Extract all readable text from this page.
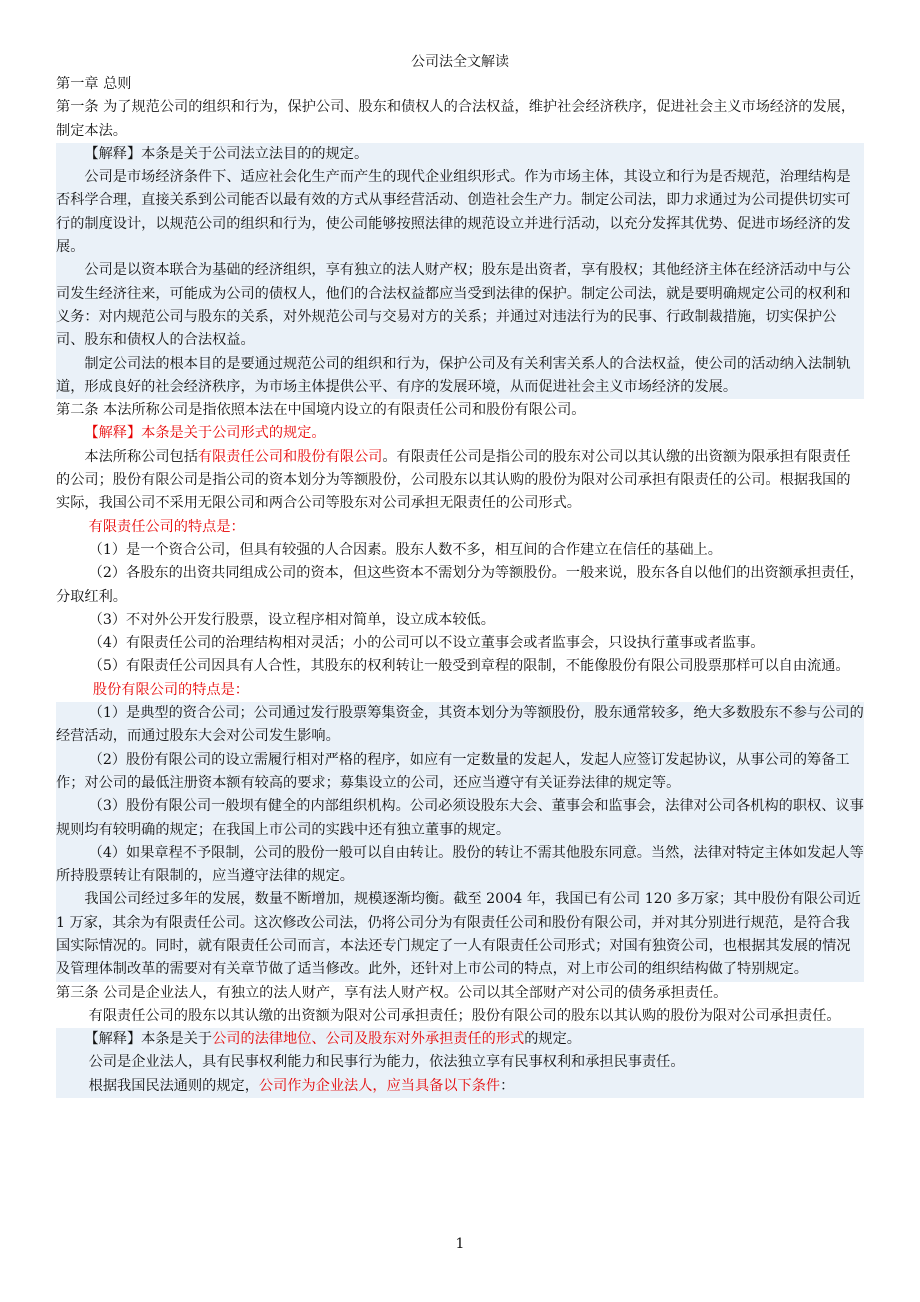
公司法全文解读

第一章 总则

第一条 为了规范公司的组织和行为，保护公司、股东和债权人的合法权益，维护社会经济秩序，促进社会主义市场经济的发展，制定本法。

【解释】本条是关于公司法立法目的的规定。

公司是市场经济条件下、适应社会化生产而产生的现代企业组织形式。作为市场主体，其设立和行为是否规范，治理结构是否科学合理，直接关系到公司能否以最有效的方式从事经营活动、创造社会生产力。制定公司法，即力求通过为公司提供切实可行的制度设计，以规范公司的组织和行为，使公司能够按照法律的规范设立并进行活动，以充分发挥其优势、促进市场经济的发展。

公司是以资本联合为基础的经济组织，享有独立的法人财产权；股东是出资者，享有股权；其他经济主体在经济活动中与公司发生经济往来，可能成为公司的债权人，他们的合法权益都应当受到法律的保护。制定公司法，就是要明确规定公司的权利和义务：对内规范公司与股东的关系，对外规范公司与交易对方的关系；并通过对违法行为的民事、行政制裁措施，切实保护公司、股东和债权人的合法权益。

制定公司法的根本目的是要通过规范公司的组织和行为，保护公司及有关利害关系人的合法权益，使公司的活动纳入法制轨道，形成良好的社会经济秩序，为市场主体提供公平、有序的发展环境，从而促进社会主义市场经济的发展。

第二条 本法所称公司是指依照本法在中国境内设立的有限责任公司和股份有限公司。

【解释】本条是关于公司形式的规定。

本法所称公司包括有限责任公司和股份有限公司。有限责任公司是指公司的股东对公司以其认缴的出资额为限承担有限责任的公司；股份有限公司是指公司的资本划分为等额股份，公司股东以其认购的股份为限对公司承担有限责任的公司。根据我国的实际，我国公司不采用无限公司和两合公司等股东对公司承担无限责任的公司形式。

有限责任公司的特点是：

（1）是一个资合公司，但具有较强的人合因素。股东人数不多，相互间的合作建立在信任的基础上。

（2）各股东的出资共同组成公司的资本，但这些资本不需划分为等额股份。一般来说，股东各自以他们的出资额承担责任，分取红利。

（3）不对外公开发行股票，设立程序相对简单，设立成本较低。

（4）有限责任公司的治理结构相对灵活；小的公司可以不设立董事会或者监事会，只设执行董事或者监事。

（5）有限责任公司因具有人合性，其股东的权利转让一般受到章程的限制，不能像股份有限公司股票那样可以自由流通。

股份有限公司的特点是：

（1）是典型的资合公司；公司通过发行股票筹集资金，其资本划分为等额股份，股东通常较多，绝大多数股东不参与公司的经营活动，而通过股东大会对公司发生影响。

（2）股份有限公司的设立需履行相对严格的程序，如应有一定数量的发起人，发起人应签订发起协议，从事公司的筹备工作；对公司的最低注册资本额有较高的要求；募集设立的公司，还应当遵守有关证券法律的规定等。

（3）股份有限公司一般坝有健全的内部组织机构。公司必须设股东大会、董事会和监事会，法律对公司各机构的职权、议事规则均有较明确的规定；在我国上市公司的实践中还有独立董事的规定。

（4）如果章程不予限制，公司的股份一般可以自由转让。股份的转让不需其他股东同意。当然，法律对特定主体如发起人等所持股票转让有限制的，应当遵守法律的规定。

我国公司经过多年的发展，数量不断增加，规模逐渐均衡。截至 2004 年，我国已有公司 120 多万家；其中股份有限公司近 1 万家，其余为有限责任公司。这次修改公司法，仍将公司分为有限责任公司和股份有限公司，并对其分别进行规范，是符合我国实际情况的。同时，就有限责任公司而言，本法还专门规定了一人有限责任公司形式；对国有独资公司，也根据其发展的情况及管理体制改革的需要对有关章节做了适当修改。此外，还针对上市公司的特点，对上市公司的组织结构做了特别规定。

第三条 公司是企业法人，有独立的法人财产，享有法人财产权。公司以其全部财产对公司的债务承担责任。

有限责任公司的股东以其认缴的出资额为限对公司承担责任；股份有限公司的股东以其认购的股份为限对公司承担责任。

【解释】本条是关于公司的法律地位、公司及股东对外承担责任的形式的规定。

公司是企业法人，具有民事权利能力和民事行为能力，依法独立享有民事权利和承担民事责任。

根据我国民法通则的规定，公司作为企业法人，应当具备以下条件：

1
